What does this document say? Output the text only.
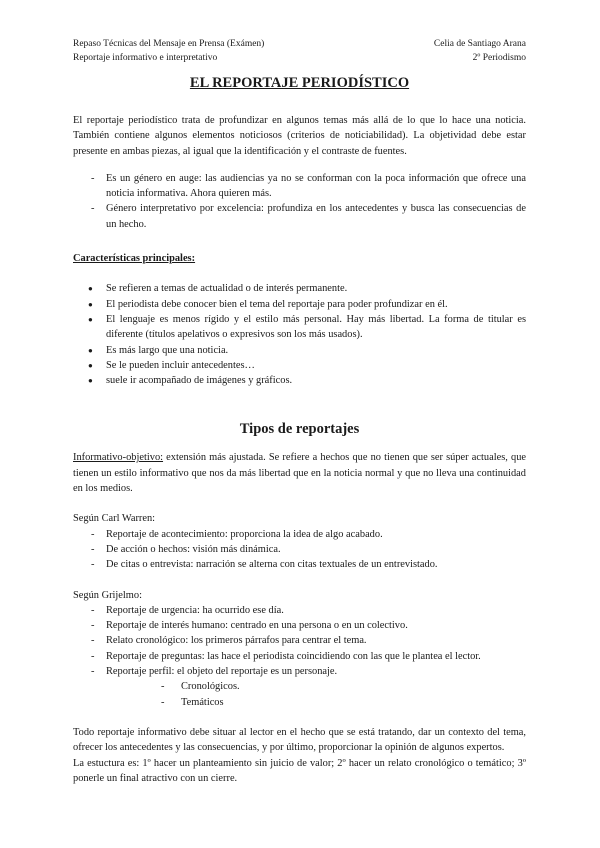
Repaso Técnicas del Mensaje en Prensa (Exámen)	Celia de Santiago Arana
Reportaje informativo e interpretativo	2º Periodismo
EL REPORTAJE PERIODÍSTICO

El reportaje periodístico trata de profundizar en algunos temas más allá de lo que lo hace una noticia. También contiene algunos elementos noticiosos (criterios de noticiabilidad). La objetividad debe estar presente en ambas piezas, al igual que la identificación y el contraste de fuentes.

- Es un género en auge: las audiencias ya no se conforman con la poca información que ofrece una noticia informativa. Ahora quieren más.
- Género interpretativo por excelencia: profundiza en los antecedentes y busca las consecuencias de un hecho.

Características principales:

● Se refieren a temas de actualidad o de interés permanente.
● El periodista debe conocer bien el tema del reportaje para poder profundizar en él.
● El lenguaje es menos rígido y el estilo más personal. Hay más libertad. La forma de titular es diferente (títulos apelativos o expresivos son los más usados).
● Es más largo que una noticia.
● Se le pueden incluir antecedentes…
● suele ir acompañado de imágenes y gráficos.
Tipos de reportajes

Informativo-objetivo: extensión más ajustada. Se refiere a hechos que no tienen que ser súper actuales, que tienen un estilo informativo que nos da más libertad que en la noticia normal y que no lleva una continuidad en los medios.

Según Carl Warren:
- Reportaje de acontecimiento: proporciona la idea de algo acabado.
- De acción o hechos: visión más dinámica.
- De citas o entrevista: narración se alterna con citas textuales de un entrevistado.
Según Grijelmo:
- Reportaje de urgencia: ha ocurrido ese día.
- Reportaje de interés humano: centrado en una persona o en un colectivo.
- Relato cronológico: los primeros párrafos para centrar el tema.
- Reportaje de preguntas: las hace el periodista coincidiendo con las que le plantea el lector.
- Reportaje perfil: el objeto del reportaje es un personaje.
- Cronológicos.
- Temáticos

Todo reportaje informativo debe situar al lector en el hecho que se está tratando, dar un contexto del tema, ofrecer los antecedentes y las consecuencias, y por último, proporcionar la opinión de algunos expertos.

La estuctura es: 1º hacer un planteamiento sin juicio de valor; 2º hacer un relato cronológico o temático; 3º ponerle un final atractivo con un cierre.
